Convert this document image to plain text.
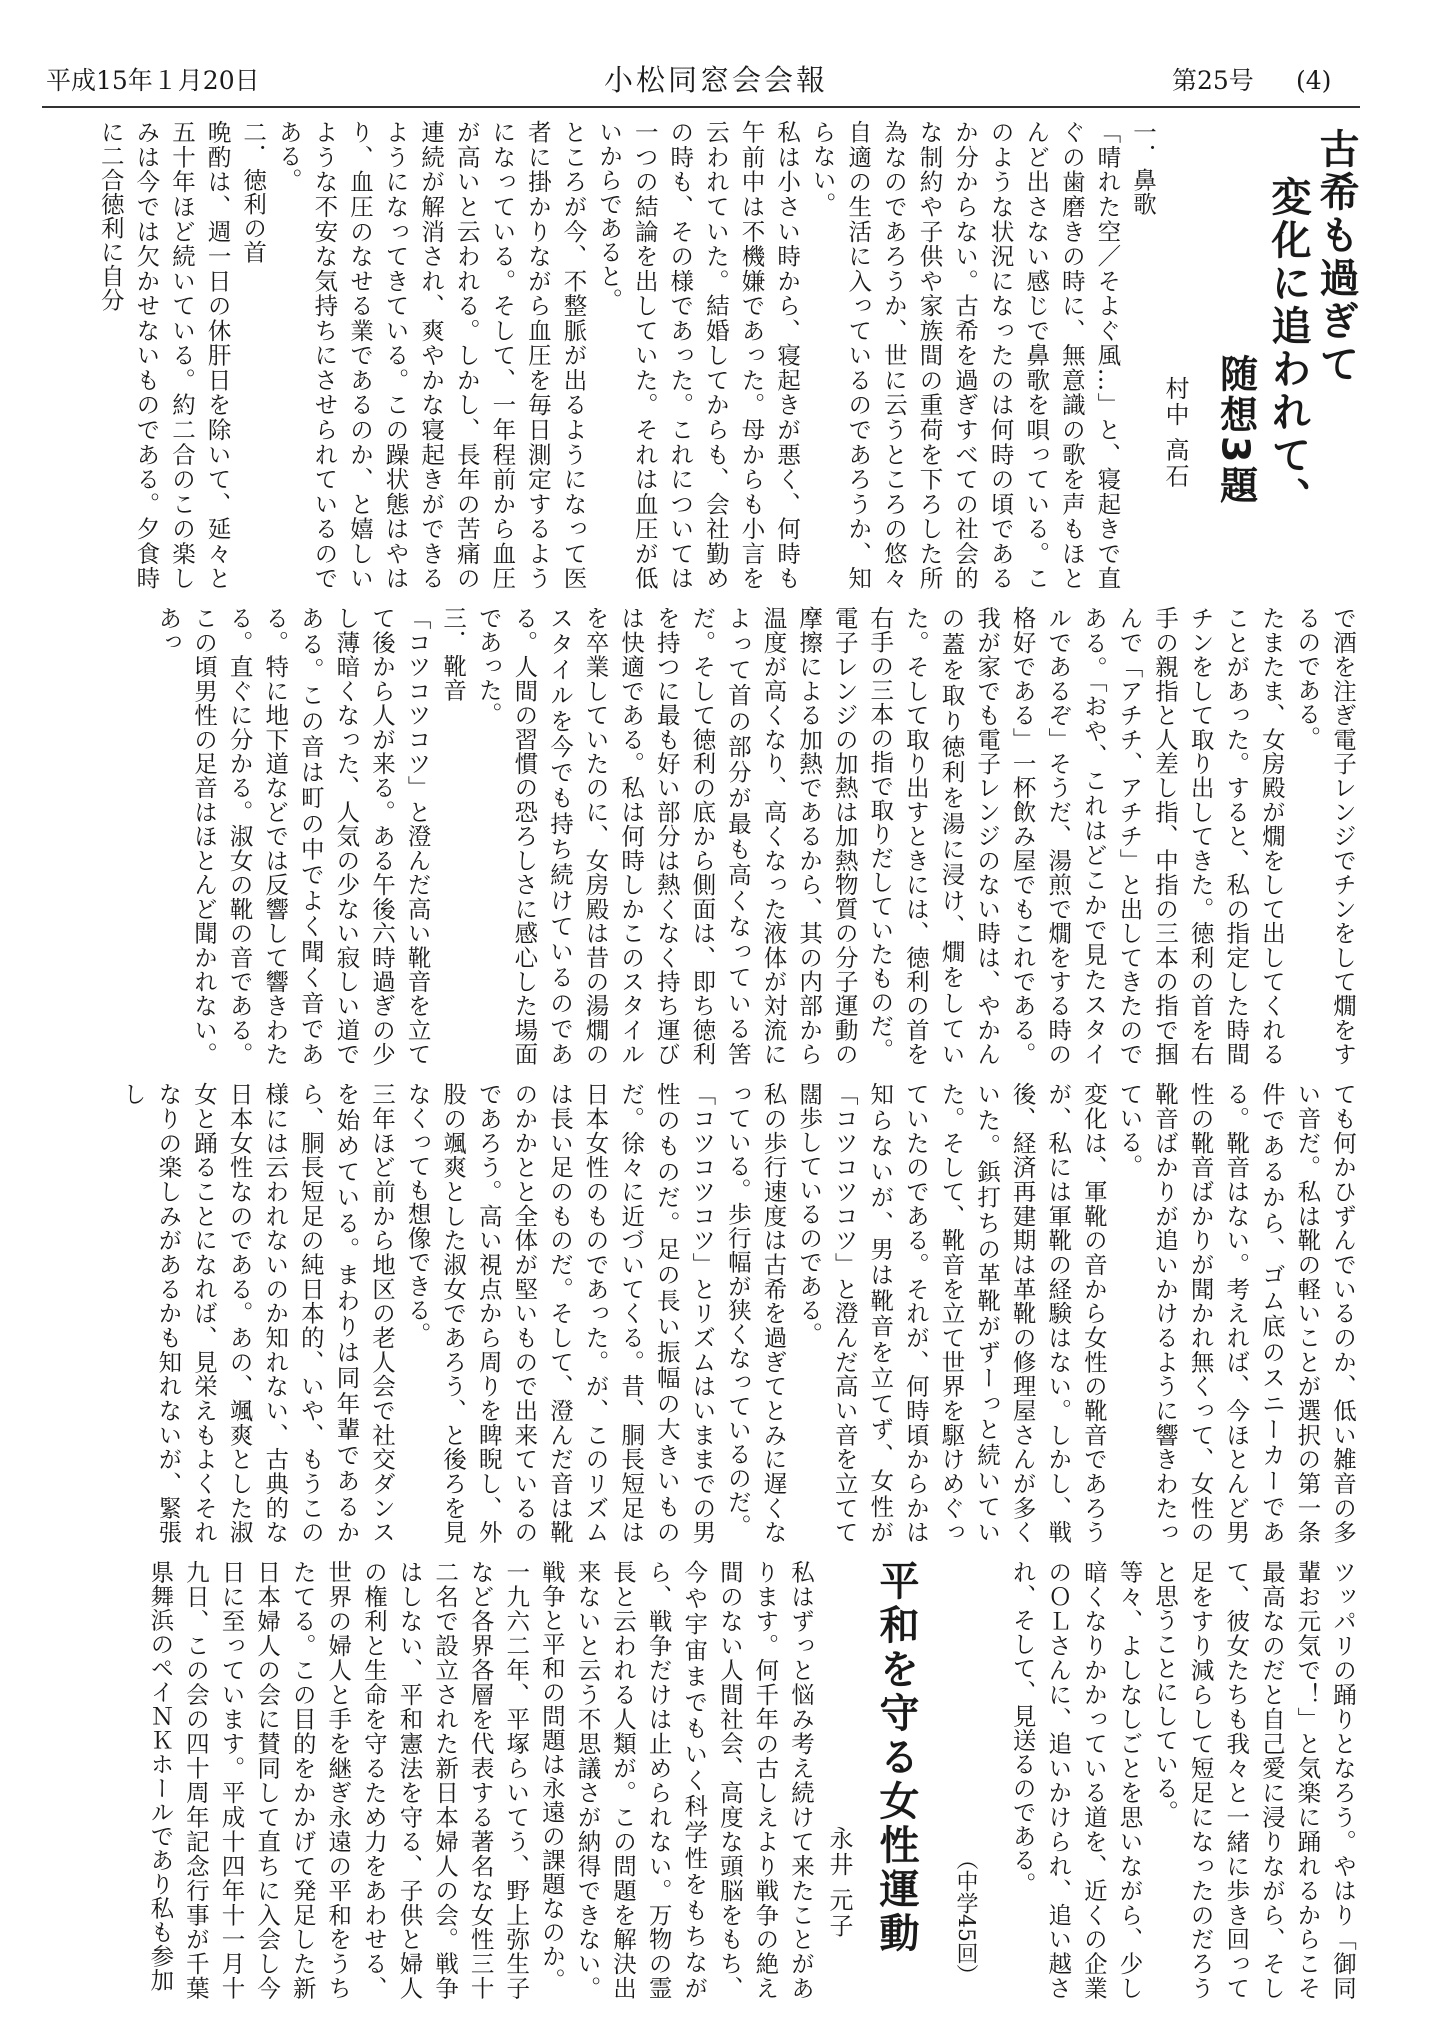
平成15年１月20日	小松同窓会会報	第25号 (4)
古希も過ぎて
変化に追われて、
随想3題
村中 高石
一．鼻歌
「晴れた空／そよぐ風…」と、寝起きで直ぐの歯磨きの時に、無意識の歌を声もほとんど出さない感じで鼻歌を唄っている。このような状況になったのは何時の頃であるか分からない。古希を過ぎすべての社会的な制約や子供や家族間の重荷を下ろした所為なのであろうか、世に云うところの悠々自適の生活に入っているのであろうか、知らない。
私は小さい時から、寝起きが悪く、何時も午前中は不機嫌であった。母からも小言を云われていた。結婚してからも、会社勤めの時も、その様であった。これについては一つの結論を出していた。それは血圧が低いからであると。
ところが今、不整脈が出るようになって医者に掛かりながら血圧を毎日測定するようになっている。そして、一年程前から血圧が高いと云われる。しかし、長年の苦痛の連続が解消され、爽やかな寝起きができるようになってきている。この躁状態はやはり、血圧のなせる業であるのか、と嬉しいような不安な気持ちにさせられているのである。
二．徳利の首
晩酌は、週一日の休肝日を除いて、延々と五十年ほど続いている。約二合のこの楽しみは今では欠かせないものである。夕食時に二合徳利に自分
で酒を注ぎ電子レンジでチンをして燗をするのである。
たまたま、女房殿が燗をして出してくれることがあった。すると、私の指定した時間チンをして取り出してきた。徳利の首を右手の親指と人差し指、中指の三本の指で掴んで「アチチ、アチチ」と出してきたのである。「おや、これはどこかで見たスタイルであるぞ」そうだ、湯煎で燗をする時の格好である」一杯飲み屋でもこれである。我が家でも電子レンジのない時は、やかんの蓋を取り徳利を湯に浸け、燗をしていた。そして取り出すときには、徳利の首を右手の三本の指で取りだしていたものだ。
電子レンジの加熱は加熱物質の分子運動の摩擦による加熱であるから、其の内部から温度が高くなり、高くなった液体が対流によって首の部分が最も高くなっている筈だ。そして徳利の底から側面は、即ち徳利を持つに最も好い部分は熱くなく持ち運びは快適である。私は何時しかこのスタイルを卒業していたのに、女房殿は昔の湯燗のスタイルを今でも持ち続けているのである。人間の習慣の恐ろしさに感心した場面であった。
三．靴音
「コツコツコツ」と澄んだ高い靴音を立てて後から人が来る。ある午後六時過ぎの少し薄暗くなった、人気の少ない寂しい道である。この音は町の中でよく聞く音である。特に地下道などでは反響して響きわたる。直ぐに分かる。淑女の靴の音である。この頃男性の足音はほとんど聞かれない。あっ
ても何かひずんでいるのか、低い雑音の多い音だ。私は靴の軽いことが選択の第一条件であるから、ゴム底のスニーカーである。靴音はない。考えれば、今ほとんど男性の靴音ばかりが聞かれ無くって、女性の靴音ばかりが追いかけるように響きわたっている。
変化は、軍靴の音から女性の靴音であろうが、私には軍靴の経験はない。しかし、戦後、経済再建期は革靴の修理屋さんが多くいた。鋲打ちの革靴がずーっと続いていた。そして、靴音を立て世界を駆けめぐっていたのである。それが、何時頃からかは知らないが、男は靴音を立てず、女性が「コツコツコツ」と澄んだ高い音を立てて闊歩しているのである。
私の歩行速度は古希を過ぎてとみに遅くなっている。歩行幅が狭くなっているのだ。
「コツコツコツ」とリズムはいままでの男性のものだ。足の長い振幅の大きいものだ。徐々に近づいてくる。昔、胴長短足は日本女性のものであった。が、このリズムは長い足のものだ。そして、澄んだ音は靴のかかとと全体が堅いもので出来ているのであろう。高い視点から周りを睥睨し、外股の颯爽とした淑女であろう、と後ろを見なくっても想像できる。
三年ほど前から地区の老人会で社交ダンスを始めている。まわりは同年輩であるから、胴長短足の純日本的、いや、もうこの様には云われないのか知れない、古典的な日本女性なのである。あの、颯爽とした淑女と踊ることになれば、見栄えもよくそれなりの楽しみがあるかも知れないが、緊張し
ツッパリの踊りとなろう。やはり「御同輩お元気で！」と気楽に踊れるからこそ最高なのだと自己愛に浸りながら、そして、彼女たちも我々と一緒に歩き回って足をすり減らして短足になったのだろうと思うことにしている。
等々、よしなしごとを思いながら、少し暗くなりかかっている道を、近くの企業のＯＬさんに、追いかけられ、追い越され、そして、見送るのである。
（中学45回）
平和を守る女性運動
永井 元子
私はずっと悩み考え続けて来たことがあります。何千年の古しえより戦争の絶え間のない人間社会、高度な頭脳をもち、今や宇宙までもいく科学性をもちながら、戦争だけは止められない。万物の霊長と云われる人類が。この問題を解決出来ないと云う不思議さが納得できない。戦争と平和の問題は永遠の課題なのか。
一九六二年、平塚らいてう、野上弥生子など各界各層を代表する著名な女性三十二名で設立された新日本婦人の会。戦争はしない、平和憲法を守る、子供と婦人の権利と生命を守るため力をあわせる、世界の婦人と手を継ぎ永遠の平和をうちたてる。この目的をかかげて発足した新日本婦人の会に賛同して直ちに入会し今日に至っています。平成十四年十一月十九日、この会の四十周年記念行事が千葉県舞浜のペイＮＫホールであり私も参加
